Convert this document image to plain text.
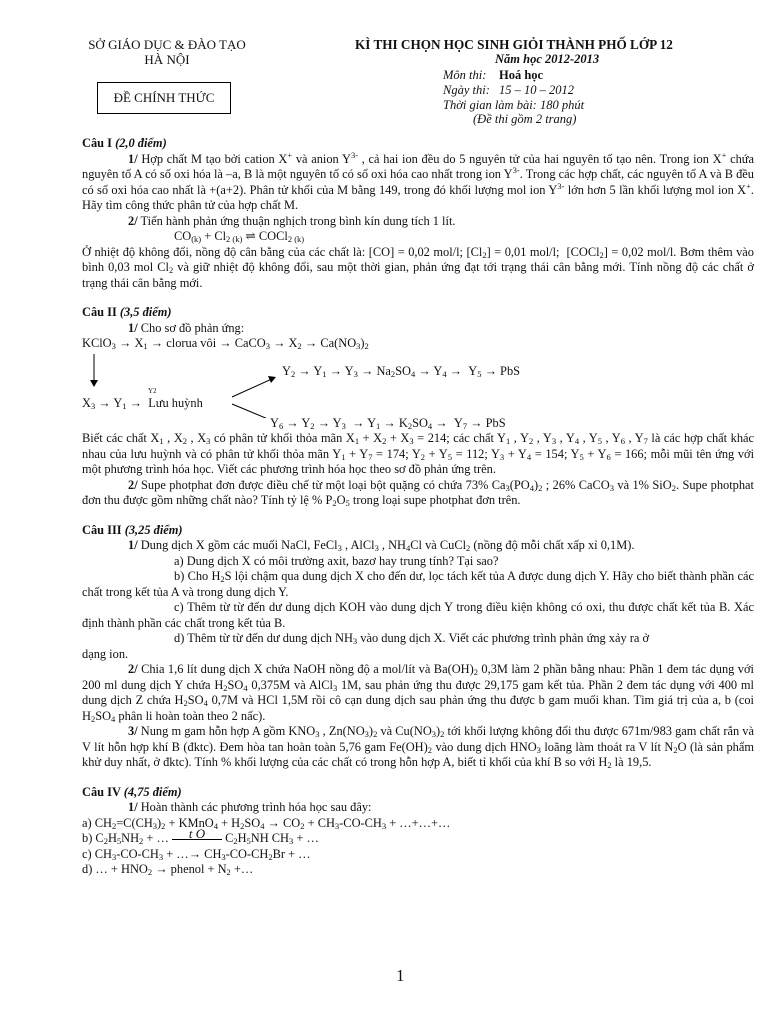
SỞ GIÁO DỤC & ĐÀO TẠO
HÀ NỘI
ĐỀ CHÍNH THỨC
KÌ THI CHỌN HỌC SINH GIỎI THÀNH PHỐ LỚP 12
Năm học 2012-2013
Môn thi: Hoá học
Ngày thi: 15 – 10 – 2012
Thời gian làm bài: 180 phút
(Đề thi gồm 2 trang)
Câu I (2,0 điểm)

1/ Hợp chất M tạo bởi cation X+ và anion $Y^{3-}$ , cả hai ion đều do 5 nguyên tử của hai nguyên tố tạo nên. Trong ion X+ chứa nguyên tố A có số oxi hóa là –a, B là một nguyên tố có số oxi hóa cao nhất trong ion $Y^{3-}$. Trong các hợp chất, các nguyên tố A và B đều có số oxi hóa cao nhất là +(a+2). Phân tử khối của M bằng 149, trong đó khối lượng mol ion $Y^{3-}$ lớn hơn 5 lần khối lượng mol ion X+. Hãy tìm công thức phân tử của hợp chất M.

2/ Tiến hành phản ứng thuận nghịch trong bình kín dung tích 1 lít.

$CO_{(k)} + Cl_{2 (k)}$ ⇌ COCl$_{2 (k)}$

Ở nhiệt độ không đổi, nồng độ cân bằng của các chất là: [CO] = 0,02 mol/l; $[Cl_2] = 0,01$ mol/l;  [COCl$_2$] = 0,02 mol/l. Bơm thêm vào bình 0,03 mol $Cl_2$ và giữ nhiệt độ không đổi, sau một thời gian, phản ứng đạt tới trạng thái cân bằng mới. Tính nồng độ các chất ở trạng thái cân bằng mới.

Câu II (3,5 điểm)

1/ Cho sơ đồ phản ứng:

KClO$_3$ → $X_1$ → clorua vôi → CaCO$_3$ → $X_2 \to Ca(NO_3)_2$

$Y_2 \to Y_1 \to Y_3 \to Na_2SO_4 \to Y_4 \to Y_5$ → PbS
Y2
$X_3 \to Y_1$ →  Lưu huỳnh

$Y_6 \to Y_2 \to Y_3 \to Y_1 \to K_2SO_4 \to Y_7$ → PbS

Biết các chất $X_1$ , $X_2$ , $X_3$ có phân tử khối thỏa mãn $X_1 + X_2 + X_3 = 214$; các chất $Y_1$ , $Y_2$ , $Y_3$ , $Y_4$ , $Y_5$ , $Y_6$ , $Y_7$ là các hợp chất khác nhau của lưu huỳnh và có phân tử khối thỏa mãn $Y_1 + Y_7 = 174$; $Y_2 + Y_5 = 112$; $Y_3 + Y_4 = 154$; $Y_5 + Y_6 = 166$; mỗi mũi tên ứng với một phương trình hóa học. Viết các phương trình hóa học theo sơ đồ phản ứng trên.

2/ Supe photphat đơn được điều chế từ một loại bột quặng có chứa 73% $Ca_3(PO_4)_2$ ; 26% CaCO$_3$ và 1% SiO$_2$. Supe photphat đơn thu được gồm những chất nào? Tính tỷ lệ % $P_2O_5$ trong loại supe photphat đơn trên.

Câu III (3,25 điểm)

1/ Dung dịch X gồm các muối NaCl, FeCl$_3$ , AlCl$_3$ , $NH_4Cl$ và CuCl$_2$ (nồng độ mỗi chất xấp xỉ 0,1M).

a) Dung dịch X có môi trường axit, bazơ hay trung tính? Tại sao?

b) Cho $H_2S$ lội chậm qua dung dịch X cho đến dư, lọc tách kết tủa A được dung dịch Y. Hãy cho biết thành phần các chất trong kết tủa A và trong dung dịch Y.

c) Thêm từ từ đến dư dung dịch KOH vào dung dịch Y trong điều kiện không có oxi, thu được chất kết tủa B. Xác định thành phần các chất trong kết tủa B.

d) Thêm từ từ đến dư dung dịch $NH_3$ vào dung dịch X. Viết các phương trình phản ứng xảy ra ở

dạng ion.

2/ Chia 1,6 lít dung dịch X chứa NaOH nồng độ a mol/lít và $Ba(OH)_2$ 0,3M làm 2 phần bằng nhau: Phần 1 đem tác dụng với 200 ml dung dịch Y chứa $H_2SO_4$ 0,375M và AlCl$_3$ 1M, sau phản ứng thu được 29,175 gam kết tủa. Phần 2 đem tác dụng với 400 ml dung dịch Z chứa $H_2SO_4$ 0,7M và HCl 1,5M rồi cô cạn dung dịch sau phản ứng thu được b gam muối khan. Tìm giá trị của a, b (coi $H_2SO_4$ phân li hoàn toàn theo 2 nấc).

3/ Nung m gam hỗn hợp A gồm $KNO_3$ , $Zn(NO_3)_2$ và $Cu(NO_3)_2$ tới khối lượng không đổi thu được 671m/983 gam chất rắn và V lít hỗn hợp khí B (đktc). Đem hòa tan hoàn toàn 5,76 gam $Fe(OH)_2$ vào dung dịch $HNO_3$ loãng làm thoát ra V lít $N_2O$ (là sản phẩm khử duy nhất, ở đktc). Tính % khối lượng của các chất có trong hỗn hợp A, biết tỉ khối của khí B so với $H_2$ là 19,5.

Câu IV (4,75 điểm)

1/ Hoàn thành các phương trình hóa học sau đây:

a) $CH_2=C(CH_3)_2$ + KMnO$_4$ + $H_2SO_4 \to CO_2 + CH_3-CO-CH_3$ + …+…+…

b) $C_2H_5NH_2$ + … t O $C_2H_5NH$ $CH_3$ + …

c) $CH_3-CO-CH_3$ + …→ $CH_3-CO-CH_2Br$ + …

d) … + $HNO_2$ → phenol + $N_2$ +…

1
